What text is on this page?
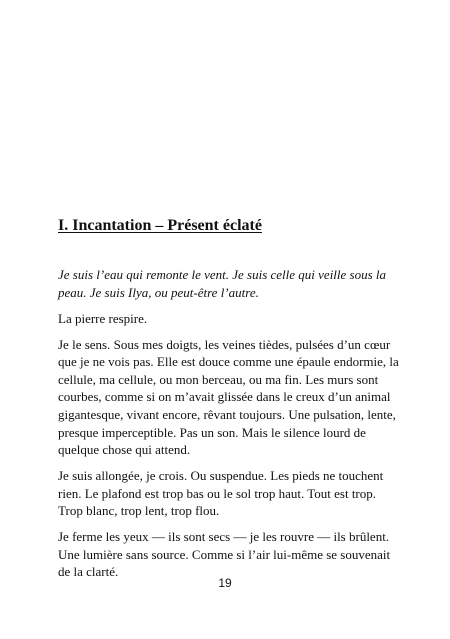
I. Incantation – Présent éclaté

Je suis l’eau qui remonte le vent. Je suis celle qui veille sous la peau. Je suis Ilya, ou peut-être l’autre.

La pierre respire.

Je le sens. Sous mes doigts, les veines tièdes, pulsées d’un cœur que je ne vois pas. Elle est douce comme une épaule endormie, la cellule, ma cellule, ou mon berceau, ou ma fin. Les murs sont courbes, comme si on m’avait glissée dans le creux d’un animal gigantesque, vivant encore, rêvant toujours. Une pulsation, lente, presque imperceptible. Pas un son. Mais le silence lourd de quelque chose qui attend.

Je suis allongée, je crois. Ou suspendue. Les pieds ne touchent rien. Le plafond est trop bas ou le sol trop haut. Tout est trop. Trop blanc, trop lent, trop flou.

Je ferme les yeux — ils sont secs — je les rouvre — ils brûlent. Une lumière sans source. Comme si l’air lui-même se souvenait de la clarté.

19
